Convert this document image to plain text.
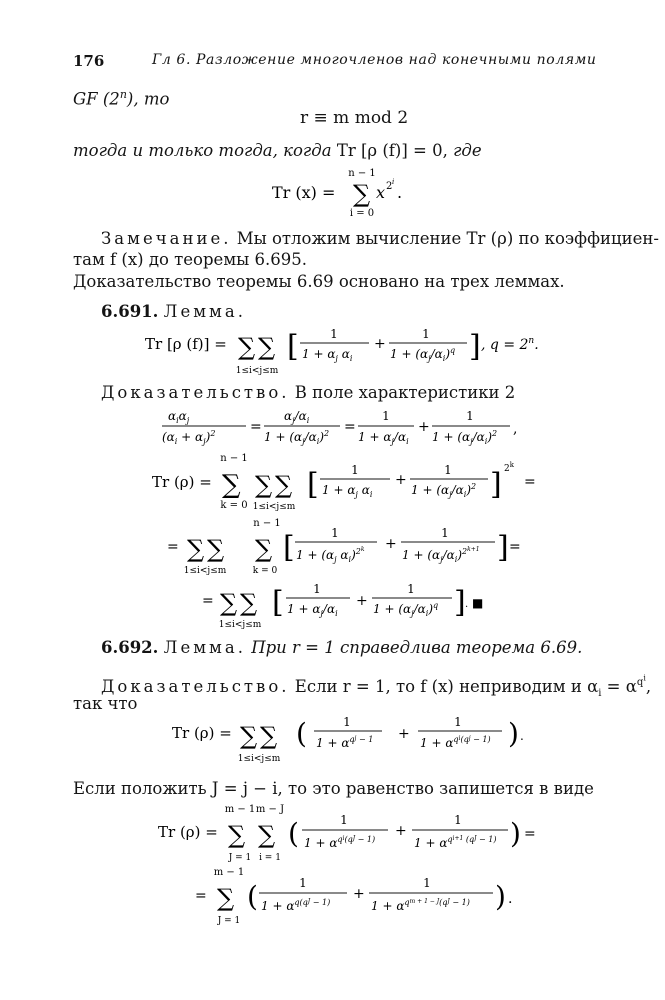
176	Гл 6. Разложение многочленов над конечными полями
GF (2$^n$), то
r ≡ m mod 2
тогда и только тогда, когда Tr [ρ (f)] = 0, где
Tr (x) =
n − 1
∑
i = 0
x 2 i
.
Замечание. Мы отложим вычисление Tr (ρ) по коэффициен-
там f (x) до теоремы 6.695.
Доказательство теоремы 6.69 основано на трех леммах.
6.691. Лемма.
Tr [ρ (f)] = ∑ ∑
1≤i<j≤m
[	1
$1 + \alpha_j$ $\alpha_i$
+
1
$1 + (\alpha_j/\alpha_i)^q$ ] , $q = 2^n$.
Доказательство. В поле характеристики 2
$\alpha_i\alpha_j$
$(\alpha_i + \alpha_j)^2$ =
$\alpha_j/\alpha_i$
$1 + (\alpha_j/\alpha_i)^2$ =
1
$1 + \alpha_j/\alpha_i$
+
1
$1 + (\alpha_j/\alpha_i)^2$ ,
Tr (ρ) =
n − 1
∑
k = 0
∑ ∑
1≤i<j≤m
[	1
$1 + \alpha_j$ $\alpha_i$
+
1
$1 + (\alpha_j/\alpha_i)^2$ ] $2^k$
=
= ∑ ∑
1≤i<j≤m
n − 1
∑
k = 0
[	1
$1 + (\alpha_j$ $\alpha_i)^{2k}$ +
1
$1 + (\alpha_j/\alpha_i)^{2k+1}$ ] =
= ∑ ∑
1≤i<j≤m
[ 1
$1 + \alpha_j/\alpha_i$
+
1
$1 + (\alpha_j/\alpha_i)^q$ ] . ■
6.692. Лемма. При r = 1 справедлива теорема 6.69.
Доказательство. Если r = 1, то f (x) неприводим и $\alpha_i = \alpha^{q^i}$,
так что
Tr (ρ) = ∑ ∑
1≤i<j≤m
(	1
$1 + \alpha^qj - 1$ +
1
$1 + \alpha^qi(qj - 1)$ ) .
Если положить J = j − i, то это равенство запишется в виде
Tr (ρ) =
m − 1
∑
J = 1
m − J
∑
i = 1
(	1
$1 + \alpha^qi(qJ - 1)$
+
1
$1 + \alpha^qi+1$ (qJ − 1) ) =
=
m − 1
∑
J = 1
(	1
$1 + \alpha^{q(q}J - 1$)
+
1
$1 + \alpha^qm + 1 - J(qJ - 1)$ ) .
